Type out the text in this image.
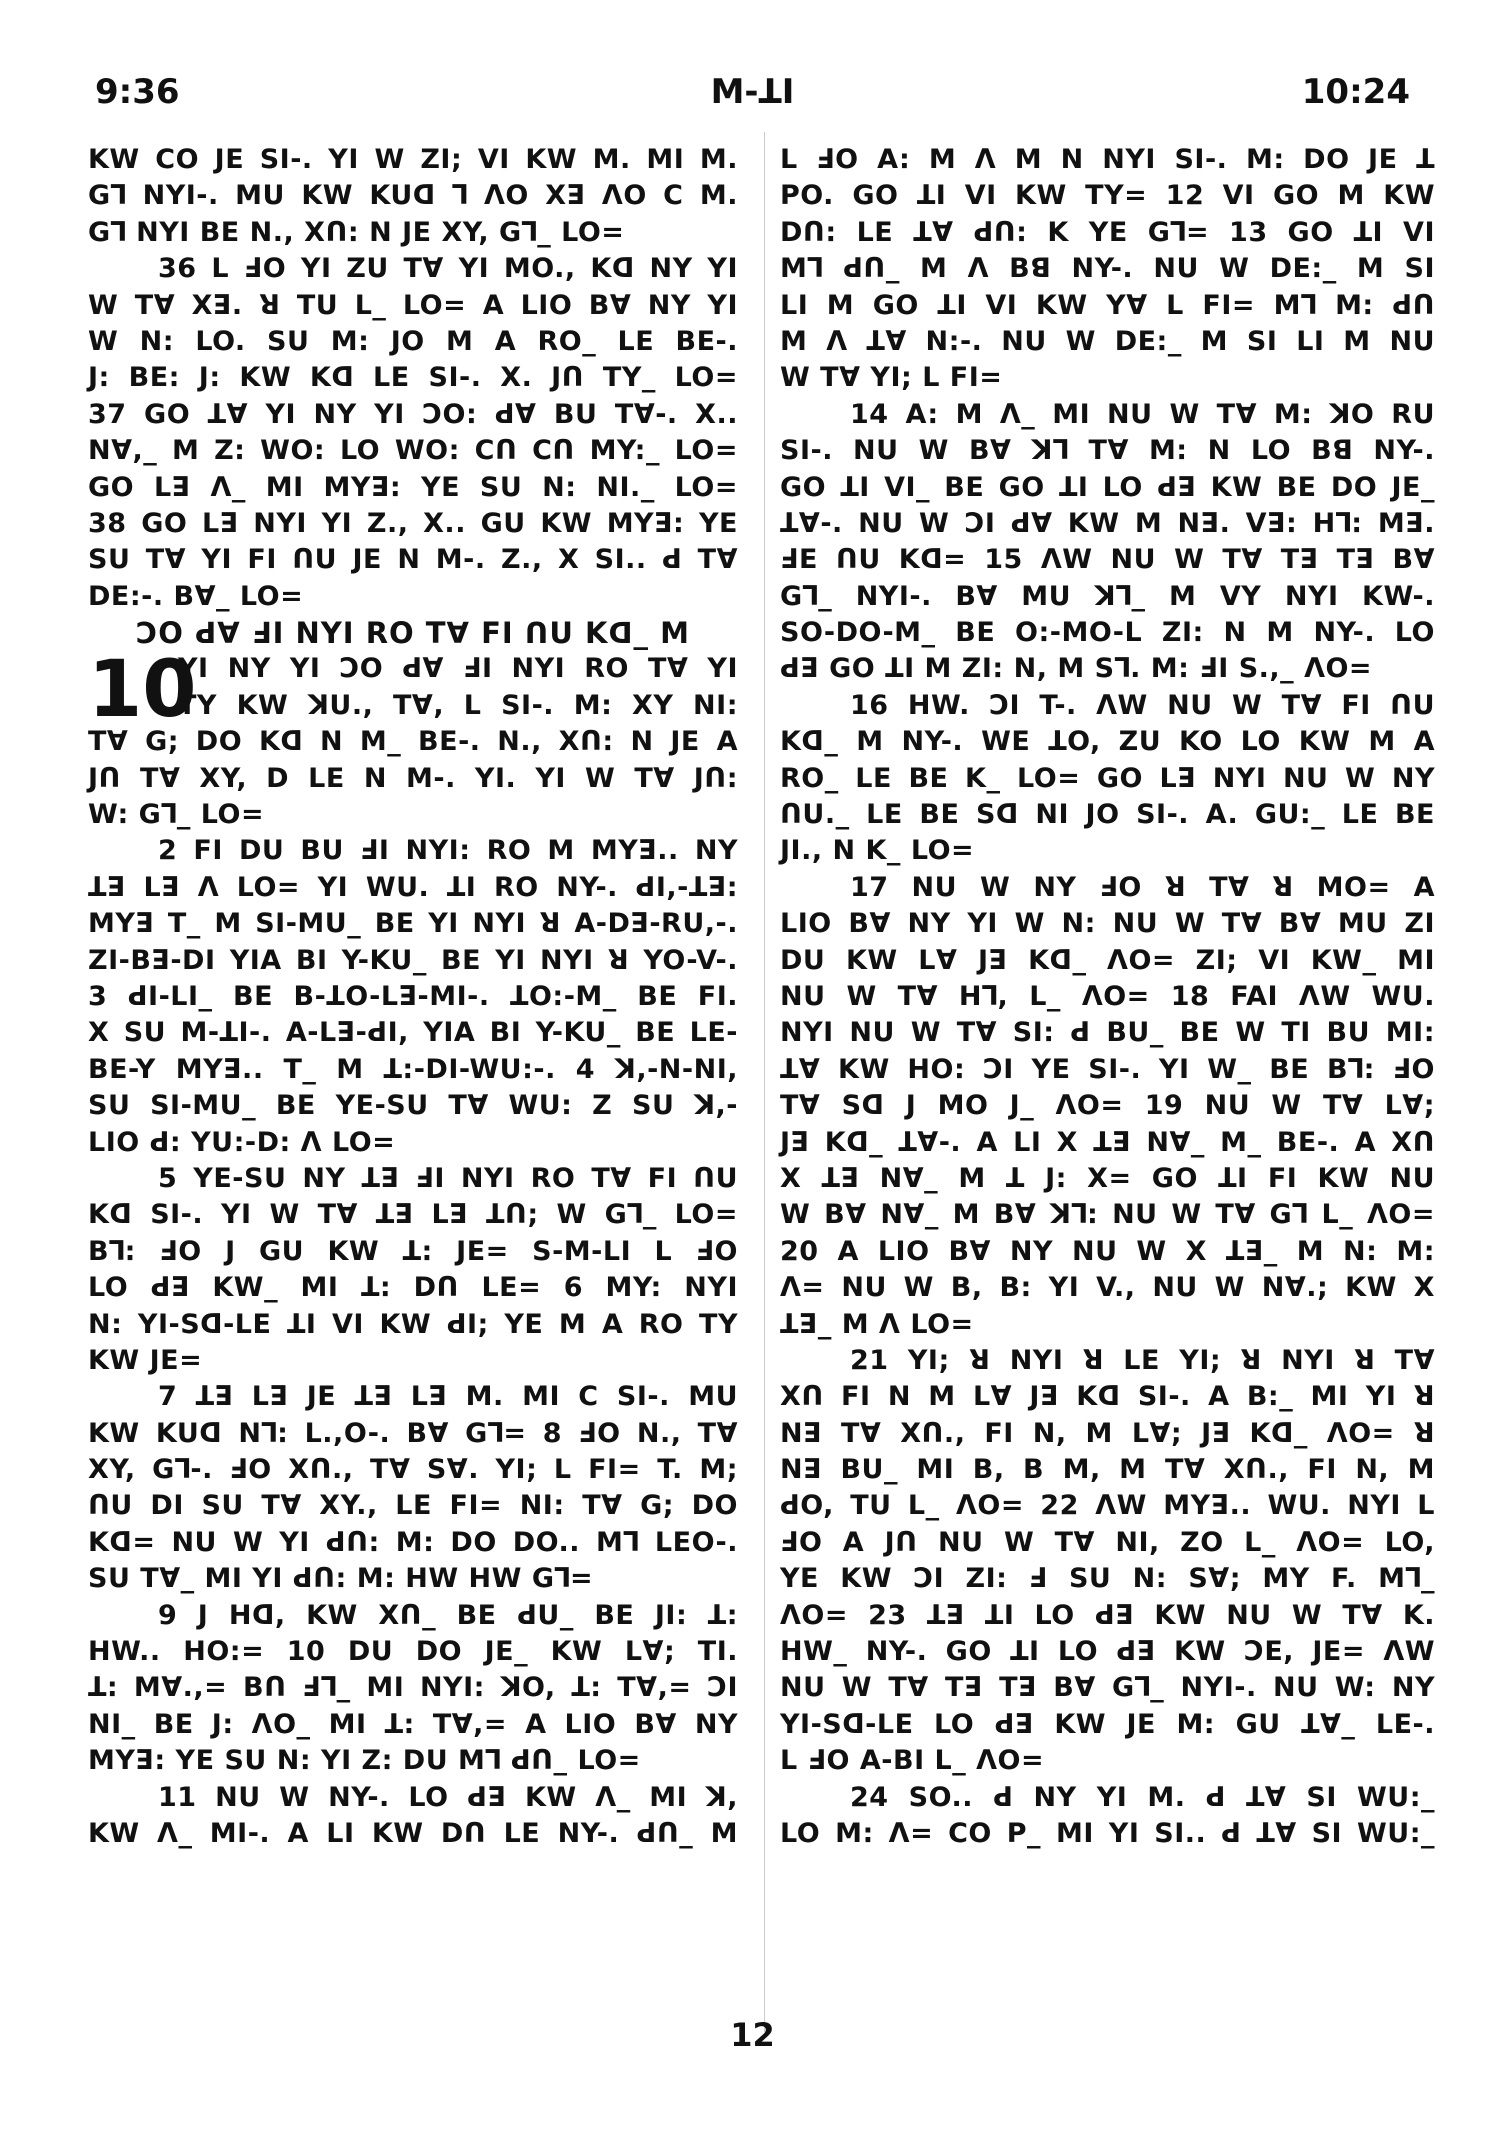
9:36	M-ꓕI	10:24
KW CO JE SI-. YI W ZI; VI KW M. MI M.
Gꓶ NYI-. MU KW KUꓷ ꓶ ꓥO Xꓱ ꓥO C M.
Gꓶ NYI BE N., Xꓵ: N JE XY, Gꓶ_ LO=
36 L ꓞO YI ZU Tꓯ YI MO., Kꓷ NY YI
W Tꓯ Xꓱ. ꓤ TU L_ LO= A LIO Bꓯ NY YI
W N: LO. SU M: JO M A RO_ LE BE-.
J: BE: J: KW Kꓷ LE SI-. X. Jꓵ TY_ LO=
37 GO ꓕꓯ YI NY YI ꓛO: ꓒꓯ BU Tꓯ-. X..
Nꓯ,_ M Z: WO: LO WO: Cꓵ Cꓵ MY:_ LO=
GO Lꓱ ꓥ_ MI MYꓱ: YE SU N: NI._ LO=
38 GO Lꓱ NYI YI Z., X.. GU KW MYꓱ: YE
SU Tꓯ YI FI ꓵU JE N M-. Z., X SI.. ꓒ Tꓯ
DE:-. Bꓯ_ LO=
ꓛO ꓒꓯ ꓞI NYI RO Tꓯ FI ꓵU Kꓷ_ M
10
YI NY YI ꓛO ꓒꓯ ꓞI NYI RO Tꓯ YI
TY KW ꓘU., Tꓯ, L SI-. M: XY NI:
Tꓯ G; DO Kꓷ N M_ BE-. N., Xꓵ: N JE A
Jꓵ Tꓯ XY, D LE N M-. YI. YI W Tꓯ Jꓵ:
W: Gꓶ_ LO=
2 FI DU BU ꓞI NYI: RO M MYꓱ.. NY
ꓕꓱ Lꓱ ꓥ LO= YI WU. ꓕI RO NY-. ꓒI,-ꓕꓱ:
MYꓱ T_ M SI-MU_ BE YI NYI ꓤ A-Dꓱ-RU,-.
ZI-Bꓱ-DI YIA BI Y-KU_ BE YI NYI ꓤ YO-V-.
3 ꓒI-LI_ BE B-ꓕO-Lꓱ-MI-. ꓕO:-M_ BE FI.
X SU M-ꓕI-. A-Lꓱ-ꓒI, YIA BI Y-KU_ BE LE-
BE-Y MYꓱ.. T_ M ꓕ:-DI-WU:-. 4 ꓘ,-N-NI,
SU SI-MU_ BE YE-SU Tꓯ WU: Z SU ꓘ,-
LIO ꓒ: YU:-D: ꓥ LO=
5 YE-SU NY ꓕꓱ ꓞI NYI RO Tꓯ FI ꓵU
Kꓷ SI-. YI W Tꓯ ꓕꓱ Lꓱ ꓕꓵ; W Gꓶ_ LO=
Bꓶ: ꓞO J GU KW ꓕ: JE= S-M-LI L ꓞO
LO ꓒꓱ KW_ MI ꓕ: Dꓵ LE= 6 MY: NYI
N: YI-Sꓷ-LE ꓕI VI KW ꓒI; YE M A RO TY
KW JE=
7 ꓕꓱ Lꓱ JE ꓕꓱ Lꓱ M. MI C SI-. MU
KW KUꓷ Nꓶ: L.,O-. Bꓯ Gꓶ= 8 ꓞO N., Tꓯ
XY, Gꓶ-. ꓞO Xꓵ., Tꓯ Sꓯ. YI; L FI= T. M;
ꓵU DI SU Tꓯ XY., LE FI= NI: Tꓯ G; DO
Kꓷ= NU W YI ꓒꓵ: M: DO DO.. Mꓶ LEO-.
SU Tꓯ_ MI YI ꓒꓵ: M: HW HW Gꓶ=
9 J Hꓷ, KW Xꓵ_ BE ꓒU_ BE JI: ꓕ:
HW.. HO:= 10 DU DO JE_ KW Lꓯ; TI.
ꓕ: Mꓯ.,= Bꓵ ꓞꓶ_ MI NYI: ꓘO, ꓕ: Tꓯ,= ꓛI
NI_ BE J: ꓥO_ MI ꓕ: Tꓯ,= A LIO Bꓯ NY
MYꓱ: YE SU N: YI Z: DU Mꓶ ꓒꓵ_ LO=
11 NU W NY-. LO ꓒꓱ KW ꓥ_ MI ꓘ,
KW ꓥ_ MI-. A LI KW Dꓵ LE NY-. ꓒꓵ_ M
L ꓞO A: M ꓥ M N NYI SI-. M: DO JE ꓕ
PO. GO ꓕI VI KW TY= 12 VI GO M KW
Dꓵ: LE ꓕꓯ ꓒꓵ: K YE Gꓶ= 13 GO ꓕI VI
Mꓶ ꓒꓵ_ M ꓥ Bꓭ NY-. NU W DE:_ M SI
LI M GO ꓕI VI KW Yꓯ L FI= Mꓶ M: ꓒꓵ
M ꓥ ꓕꓯ N:-. NU W DE:_ M SI LI M NU
W Tꓯ YI; L FI=
14 A: M ꓥ_ MI NU W Tꓯ M: ꓘO RU
SI-. NU W Bꓯ ꓘꓶ Tꓯ M: N LO Bꓭ NY-.
GO ꓕI VI_ BE GO ꓕI LO ꓒꓱ KW BE DO JE_
ꓕꓯ-. NU W ꓛI ꓒꓯ KW M Nꓱ. Vꓱ: Hꓶ: Mꓱ.
ꓞE ꓵU Kꓷ= 15 ꓥW NU W Tꓯ Tꓱ Tꓱ Bꓯ
Gꓶ_ NYI-. Bꓯ MU ꓘꓶ_ M VY NYI KW-.
SO-DO-M_ BE O:-MO-L ZI: N M NY-. LO
ꓒꓱ GO ꓕI M ZI: N, M Sꓶ. M: ꓞI S.,_ ꓥO=
16 HW. ꓛI T-. ꓥW NU W Tꓯ FI ꓵU
Kꓷ_ M NY-. WE ꓕO, ZU KO LO KW M A
RO_ LE BE K_ LO= GO Lꓱ NYI NU W NY
ꓵU._ LE BE Sꓷ NI JO SI-. A. GU:_ LE BE
JI., N K_ LO=
17 NU W NY ꓞO ꓤ Tꓯ ꓤ MO= A
LIO Bꓯ NY YI W N: NU W Tꓯ Bꓯ MU ZI
DU KW Lꓯ Jꓱ Kꓷ_ ꓥO= ZI; VI KW_ MI
NU W Tꓯ Hꓶ, L_ ꓥO= 18 FAI ꓥW WU.
NYI NU W Tꓯ SI: ꓒ BU_ BE W TI BU MI:
ꓕꓯ KW HO: ꓛI YE SI-. YI W_ BE Bꓶ: ꓞO
Tꓯ Sꓷ J MO J_ ꓥO= 19 NU W Tꓯ Lꓯ;
Jꓱ Kꓷ_ ꓕꓯ-. A LI X ꓕꓱ Nꓯ_ M_ BE-. A Xꓵ
X ꓕꓱ Nꓯ_ M ꓕ J: X= GO ꓕI FI KW NU
W Bꓯ Nꓯ_ M Bꓯ ꓘꓶ: NU W Tꓯ Gꓶ L_ ꓥO=
20 A LIO Bꓯ NY NU W X ꓕꓱ_ M N: M:
ꓥ= NU W B, B: YI V., NU W Nꓯ.; KW X
ꓕꓱ_ M ꓥ LO=
21 YI; ꓤ NYI ꓤ LE YI; ꓤ NYI ꓤ Tꓯ
Xꓵ FI N M Lꓯ Jꓱ Kꓷ SI-. A B:_ MI YI ꓤ
Nꓱ Tꓯ Xꓵ., FI N, M Lꓯ; Jꓱ Kꓷ_ ꓥO= ꓤ
Nꓱ BU_ MI B, B M, M Tꓯ Xꓵ., FI N, M
ꓒO, TU L_ ꓥO= 22 ꓥW MYꓱ.. WU. NYI L
ꓞO A Jꓵ NU W Tꓯ NI, ZO L_ ꓥO= LO,
YE KW ꓛI ZI: ꓞ SU N: Sꓯ; MY F. Mꓶ_
ꓥO= 23 ꓕꓱ ꓕI LO ꓒꓱ KW NU W Tꓯ K.
HW_ NY-. GO ꓕI LO ꓒꓱ KW ꓛE, JE= ꓥW
NU W Tꓯ Tꓱ Tꓱ Bꓯ Gꓶ_ NYI-. NU W: NY
YI-Sꓷ-LE LO ꓒꓱ KW JE M: GU ꓕꓯ_ LE-.
L ꓞO A-BI L_ ꓥO=
24 SO.. ꓒ NY YI M. ꓒ ꓕꓯ SI WU:_
LO M: ꓥ= CO P_ MI YI SI.. ꓒ ꓕꓯ SI WU:_
12
